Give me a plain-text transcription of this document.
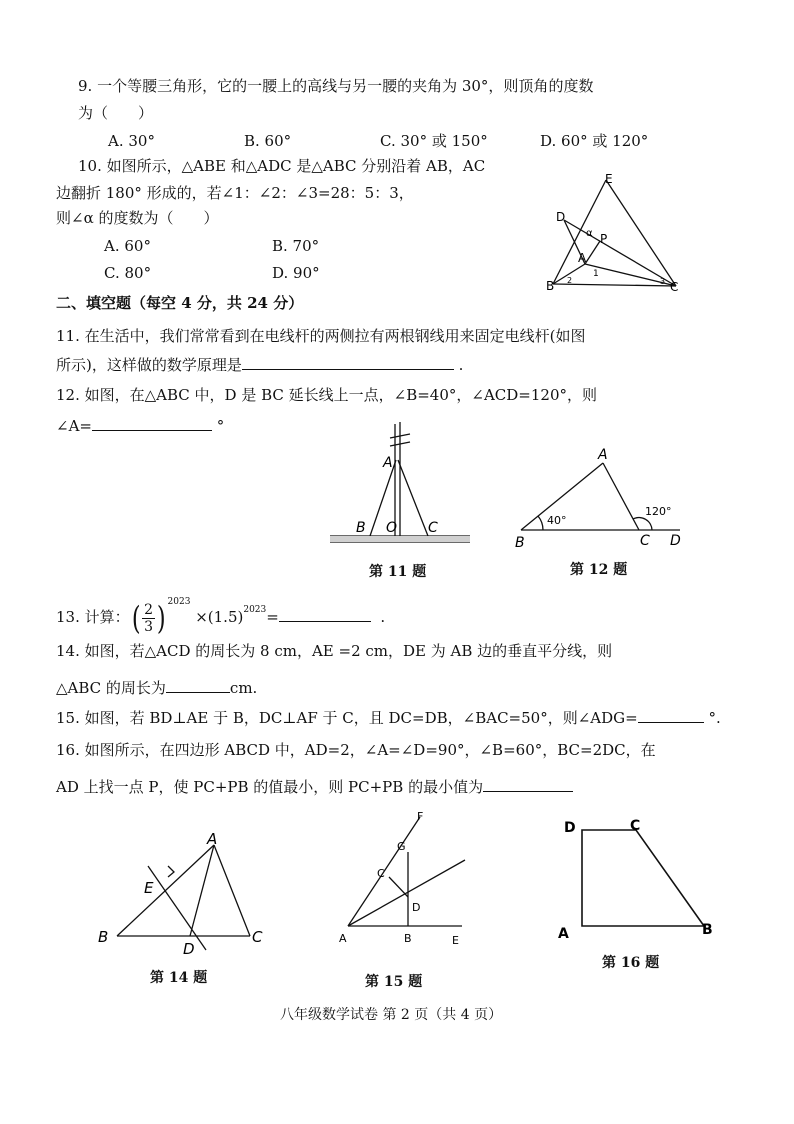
9. 一个等腰三角形，它的一腰上的高线与另一腰的夹角为 30°，则顶角的度数
为（　　）
A. 30°	B. 60°	C. 30° 或 150°	D. 60° 或 120°
10. 如图所示，△ABE 和△ADC 是△ABC 分别沿着 AB，AC
边翻折 180° 形成的，若∠1：∠2：∠3=28：5：3，
则∠α 的度数为（　　）
A. 60°	B. 70°
C. 80°	D. 90°
E
D
α P
A
1
B 2	3 C
二、填空题（每空 4 分，共 24 分）
11. 在生活中，我们常常看到在电线杆的两侧拉有两根钢线用来固定电线杆(如图
所示)，这样做的数学原理是	.
12. 如图，在△ABC 中，D 是 BC 延长线上一点，∠B=40°，∠ACD=120°，则
∠A=	°
A
B O C
第 11 题
A
40°
120°
B	C D
第 12 题
13. 计算：( $\frac{2}{3}$ ) $^{2023} \times(1.5)^{2023}=$	.
14. 如图，若△ACD 的周长为 8 cm，AE =2 cm，DE 为 AB 边的垂直平分线，则
△ABC 的周长为	cm.
15. 如图，若 BD⊥AE 于 B，DC⊥AF 于 C，且 DC=DB，∠BAC=50°，则∠ADG=	°.
16. 如图所示，在四边形 ABCD 中，AD=2，∠A=∠D=90°，∠B=60°，BC=2DC，在
AD 上找一点 P，使 PC+PB 的值最小，则 PC+PB 的最小值为
A
E
B
D
C
第 14 题
F
G
C
D
A	B	E
第 15 题
D	C
A	B
第 16 题
八年级数学试卷 第 2 页（共 4 页）
